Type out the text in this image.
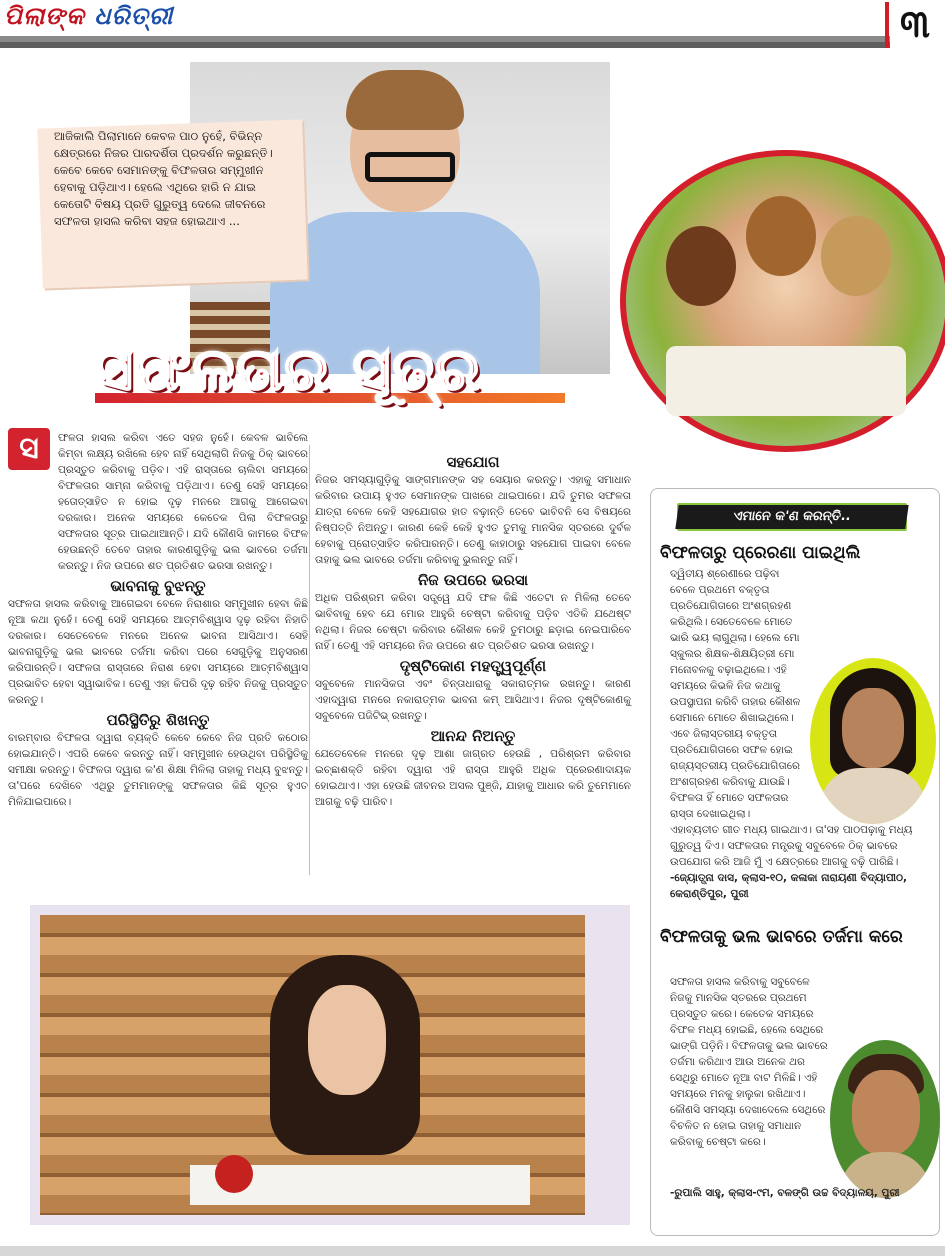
ପିଲାଙ୍କ ଧରିତ୍ରୀ	୩
ଆଜିକାଲି ପିଲାମାନେ କେବଳ ପାଠ ନୁହେଁ, ବିଭିନ୍ନ କ୍ଷେତ୍ରରେ ନିଜର ପାରଦର୍ଶିତା ପ୍ରଦର୍ଶନ କରୁଛନ୍ତି। କେବେ କେବେ ସେମାନଙ୍କୁ ବିଫଳତାର ସମ୍ମୁଖୀନ ହେବାକୁ ପଡ଼ିଥାଏ। ହେଲେ ଏଥିରେ ହାରି ନ ଯାଇ କେତୋଟି ବିଷୟ ପ୍ରତି ଗୁରୁତ୍ୱ ଦେଲେ ଜୀବନରେ ସଫଳତା ହାସଲ କରିବା ସହଜ ହୋଇଥାଏ ...
ସଫଳତାର ସୂତ୍ର
ସ	ଫଳତା ହାସଲ କରିବା ଏତେ ସହଜ ନୁହେଁ। କେବଳ ଭାବିଲେ କିମ୍ବା ଲକ୍ଷ୍ୟ ରଖିଲେ ହେବ ନାହିଁ ସେଥିଲାଗି ନିଜକୁ ଠିକ୍ ଭାବରେ ପ୍ରସ୍ତୁତ କରିବାକୁ ପଡ଼ିବ। ଏହି ରାସ୍ତାରେ ଚାଲିବା ସମୟରେ ବିଫଳତାର ସାମ୍ନା କରିବାକୁ ପଡ଼ିଥାଏ। ତେଣୁ ସେହି ସମୟରେ ହତୋତ୍ସାହିତ ନ ହୋଇ ଦୃଢ଼ ମନରେ ଆଗକୁ ଆଗେଇବା ଦରକାର। ଅନେକ ସମୟରେ କେତେକ ପିଲା ବିଫଳତାରୁ ସଫଳତାର ସୂତ୍ର ପାଇଥାଆନ୍ତି। ଯଦି କୌଣସି କାମରେ ବିଫଳ ହେଉଛନ୍ତି ତେବେ ତାହାର କାରଣଗୁଡ଼ିକୁ ଭଲ ଭାବରେ ତର୍ଜମା କରନ୍ତୁ। ନିଜ ଉପରେ ଶତ ପ୍ରତିଶତ ଭରସା ରଖନ୍ତୁ।

ଭାବନାକୁ ବୁଝନ୍ତୁ

ସଫଳତା ହାସଲ କରିବାକୁ ଆଗେଇବା ବେଳେ ନିରାଶାର ସମ୍ମୁଖୀନ ହେବା କିଛି ନୂଆ କଥା ନୁହେଁ। ତେଣୁ ସେହି ସମୟରେ ଆତ୍ମବିଶ୍ୱାସ ଦୃଢ଼ ରହିବା ନିହାତି ଦରକାର। ସେତେବେଳେ ମନରେ ଅନେକ ଭାବନା ଆସିଥାଏ। ସେହି ଭାବନାଗୁଡ଼ିକୁ ଭଲ ଭାବରେ ତର୍ଜମା କରିବା ପରେ ସେଗୁଡ଼ିକୁ ଅନୁସରଣ କରିପାରନ୍ତି। ସଫଳତା ରାସ୍ତାରେ ନିରାଶ ହେବା ସମୟରେ ଆତ୍ମବିଶ୍ୱାସ ପ୍ରଭାବିତ ହେବା ସ୍ୱାଭାବିକ। ତେଣୁ ଏହା କିପରି ଦୃଢ଼ ରହିବ ନିଜକୁ ପ୍ରସ୍ତୁତ କରନ୍ତୁ।

ପରିସ୍ଥିତିରୁ ଶିଖନ୍ତୁ

ବାରମ୍ବାର ବିଫଳତା ଦ୍ୱାରା ବ୍ୟକ୍ତି କେବେ କେବେ ନିଜ ପ୍ରତି କଠୋର ହୋଇଯାନ୍ତି। ଏପରି କେବେ କରନ୍ତୁ ନାହିଁ। ସମ୍ମୁଖୀନ ହେଉଥିବା ପରିସ୍ଥିତିକୁ ସମୀକ୍ଷା କରନ୍ତୁ। ବିଫଳତା ଦ୍ୱାରା କ'ଣ ଶିକ୍ଷା ମିଳିଲା ତାହାକୁ ମଧ୍ୟ ବୁଝନ୍ତୁ। ତା'ପରେ ଦେଖିବେ ଏଥିରୁ ତୁମମାନଙ୍କୁ ସଫଳତାର କିଛି ସୂତ୍ର ହୁଏତ ମିଳିଯାଇପାରେ।

ସହଯୋଗ

ନିଜର ସମସ୍ୟାଗୁଡ଼ିକୁ ସାଙ୍ଗମାନଙ୍କ ସହ ସେୟାର କରନ୍ତୁ। ଏହାକୁ ସମାଧାନ କରିବାର ଉପାୟ ହୁଏତ ସେମାନଙ୍କ ପାଖରେ ଥାଇପାରେ। ଯଦି ତୁମର ସଫଳତା ଯାତ୍ରା ବେଳେ କେହି ସହଯୋଗର ହାତ ବଢ଼ାନ୍ତି ତେବେ ଭାବିବନି ସେ ବିଷୟରେ ନିଷ୍ପତ୍ତି ନିଅନ୍ତୁ। କାରଣ କେହି କେହି ହୁଏତ ତୁମକୁ ମାନସିକ ସ୍ତରରେ ଦୁର୍ବଳ ହେବାକୁ ପ୍ରୋତ୍ସାହିତ କରିପାରନ୍ତି। ତେଣୁ କାହାଠାରୁ ସହଯୋଗ ପାଇବା ବେଳେ ତାହାକୁ ଭଲ ଭାବରେ ତର୍ଜମା କରିବାକୁ ଭୁଲନ୍ତୁ ନାହିଁ।

ନିଜ ଉପରେ ଭରସା

ଅଧିକ ପରିଶ୍ରମ କରିବା ସତ୍ତ୍ୱେ ଯଦି ଫଳ କିଛି ଏତେଟା ନ ମିଳିଲା ତେବେ ଭାବିବାକୁ ହେବ ଯେ ମୋର ଆହୁରି ଚେଷ୍ଟା କରିବାକୁ ପଡ଼ିବ ଏତିକି ଯଥେଷ୍ଟ ନଥିଲା। ନିଜର ଚେଷ୍ଟା କରିବାର କୌଶଳ କେହି ତୁମଠାରୁ ଛଡ଼ାଇ ନେଇପାରିବେ ନାହିଁ। ତେଣୁ ଏହି ସମୟରେ ନିଜ ଉପରେ ଶତ ପ୍ରତିଶତ ଭରସା ରଖନ୍ତୁ।

ଦୃଷ୍ଟିକୋଣ ମହତ୍ତ୍ୱପୂର୍ଣ୍ଣ

ସବୁବେଳେ ମାନସିକତା ଏବଂ ଚିନ୍ତାଧାରାକୁ ସକାରାତ୍ମକ ରଖନ୍ତୁ। କାରଣ ଏହାଦ୍ୱାରା ମନରେ ନକାରାତ୍ମକ ଭାବନା କମ୍ ଆସିଥାଏ। ନିଜର ଦୃଷ୍ଟିକୋଣକୁ ସବୁବେଳେ ପଜିଟିଭ୍ ରଖନ୍ତୁ।

ଆନନ୍ଦ ନିଅନ୍ତୁ

ଯେତେବେଳେ ମନରେ ଦୃଢ଼ ଆଶା ଜାଗ୍ରତ ହେଉଛି , ପରିଶ୍ରମ କରିବାର ଇଚ୍ଛାଶକ୍ତି ରହିବା ଦ୍ୱାରା ଏହି ରାସ୍ତା ଆହୁରି ଅଧିକ ପ୍ରେରଣାଦାୟକ ହୋଇଥାଏ। ଏହା ହେଉଛି ଜୀବନର ଅସଲ ପୁଞ୍ଜି, ଯାହାକୁ ଆଧାର କରି ତୁମେମାନେ ଆଗକୁ ବଢ଼ି ପାରିବ।

ଏମାନେ କ'ଣ କରନ୍ତି..
ବିଫଳତାରୁ ପ୍ରେରଣା ପାଇଥିଲି
ଦ୍ୱିତୀୟ ଶ୍ରେଣୀରେ ପଢ଼ିବା ବେଳେ ପ୍ରଥମେ ବକ୍ତୃତା ପ୍ରତିଯୋଗିତାରେ ଅଂଶଗ୍ରହଣ କରିଥିଲି। ସେତେବେଳେ ମୋତେ ଭାରି ଭୟ ଲାଗୁଥିଲା। ହେଲେ ମୋ ସ୍କୁଲର ଶିକ୍ଷକ-ଶିକ୍ଷୟିତ୍ରୀ ମୋ ମନୋବଳକୁ ବଢ଼ାଇଥିଲେ। ଏହି ସମୟରେ କିଭଳି ନିଜ କଥାକୁ ଉପସ୍ଥାପନା କରିବି ତାହାର କୌଶଳ ସେମାନେ ମୋତେ ଶିଖାଇଥିଲେ। ଏବେ ଜିଲାସ୍ତରୀୟ ବକ୍ତୃତା ପ୍ରତିଯୋଗିତାରେ ସଫଳ ହୋଇ ରାଜ୍ୟସ୍ତରୀୟ ପ୍ରତିଯୋଗିତାରେ ଅଂଶଗ୍ରହଣ କରିବାକୁ ଯାଉଛି। ବିଫଳତା ହିଁ ମୋତେ ସଫଳତାର ରାସ୍ତା ଦେଖାଇଥିଲା।
ଏହାବ୍ୟତୀତ ଗୀତ ମଧ୍ୟ ଗାଇଥାଏ। ତା'ସହ ପାଠପଢ଼ାକୁ ମଧ୍ୟ ଗୁରୁତ୍ୱ ଦିଏ। ସଫଳତାର ମନ୍ତ୍ରକୁ ସବୁବେଳେ ଠିକ୍ ଭାବରେ ଉପଯୋଗ କରି ଆଜି ମୁଁ ଏ କ୍ଷେତ୍ରରେ ଆଗକୁ ବଢ଼ି ପାରିଛି।
-ଜ୍ୟୋତ୍ସ୍ନା ଦାସ, କ୍ଲାସ-୧୦, କଳାକା ନାରାୟଣୀ ବିଦ୍ୟାପୀଠ, କେରାଣ୍ଡିପୁର, ପୁରୀ
ବିଫଳତାକୁ ଭଲ ଭାବରେ ତର୍ଜମା କରେ
ସଫଳତା ହାସଲ କରିବାକୁ ସବୁବେଳେ ନିଜକୁ ମାନସିକ ସ୍ତରରେ ପ୍ରଥମେ ପ୍ରସ୍ତୁତ କରେ। କେତେକ ସମୟରେ ବିଫଳ ମଧ୍ୟ ହୋଇଛି, ହେଲେ ସେଥିରେ ଭାଙ୍ଗି ପଡ଼ିନି। ବିଫଳତାକୁ ଭଲ ଭାବରେ ତର୍ଜମା କରିଥାଏ ଆଉ ଅନେକ ଥର ସେଥିରୁ ମୋତେ ନୂଆ ବାଟ ମିଳିଛି। ଏହି ସମୟରେ ମନକୁ ହାଲୁକା ରଖିଥାଏ। କୌଣସି ସମସ୍ୟା ଦେଖାଦେଲେ ସେଥିରେ ବିଚଳିତ ନ ହୋଇ ତାହାକୁ ସମାଧାନ କରିବାକୁ ଚେଷ୍ଟା କରେ।
-ରୁପାଲି ସାହୁ, କ୍ଲାସ-୯ମ, ବଳଙ୍ଗି ଉଚ୍ଚ ବିଦ୍ୟାଳୟ, ପୁରୀ
